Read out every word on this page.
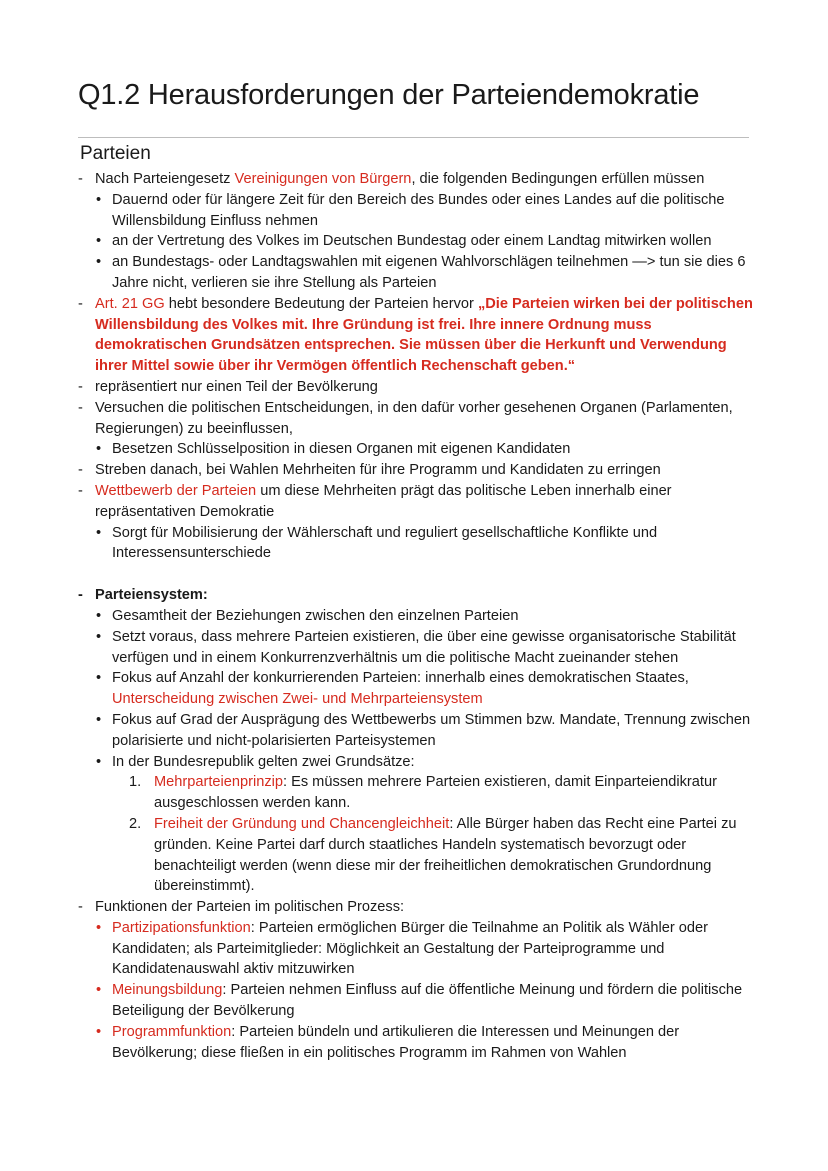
Q1.2 Herausforderungen der Parteiendemokratie
Parteien
- Nach Parteiengesetz Vereinigungen von Bürgern, die folgenden Bedingungen erfüllen müssen
• Dauernd oder für längere Zeit für den Bereich des Bundes oder eines Landes auf die politische Willensbildung Einfluss nehmen
• an der Vertretung des Volkes im Deutschen Bundestag oder einem Landtag mitwirken wollen
• an Bundestags- oder Landtagswahlen mit eigenen Wahlvorschlägen teilnehmen —> tun sie dies 6 Jahre nicht, verlieren sie ihre Stellung als Parteien
- Art. 21 GG hebt besondere Bedeutung der Parteien hervor „Die Parteien wirken bei der politischen Willensbildung des Volkes mit. Ihre Gründung ist frei. Ihre innere Ordnung muss demokratischen Grundsätzen entsprechen. Sie müssen über die Herkunft und Verwendung ihrer Mittel sowie über ihr Vermögen öffentlich Rechenschaft geben.“
- repräsentiert nur einen Teil der Bevölkerung
- Versuchen die politischen Entscheidungen, in den dafür vorher gesehenen Organen (Parlamenten, Regierungen) zu beeinflussen,
• Besetzen Schlüsselposition in diesen Organen mit eigenen Kandidaten
- Streben danach, bei Wahlen Mehrheiten für ihre Programm und Kandidaten zu erringen
- Wettbewerb der Parteien um diese Mehrheiten prägt das politische Leben innerhalb einer repräsentativen Demokratie
• Sorgt für Mobilisierung der Wählerschaft und reguliert gesellschaftliche Konflikte und Interessensunterschiede
- Parteiensystem:
• Gesamtheit der Beziehungen zwischen den einzelnen Parteien
• Setzt voraus, dass mehrere Parteien existieren, die über eine gewisse organisatorische Stabilität verfügen und in einem Konkurrenzverhältnis um die politische Macht zueinander stehen
• Fokus auf Anzahl der konkurrierenden Parteien: innerhalb eines demokratischen Staates, Unterscheidung zwischen Zwei- und Mehrparteiensystem
• Fokus auf Grad der Ausprägung des Wettbewerbs um Stimmen bzw. Mandate, Trennung zwischen polarisierte und nicht-polarisierten Parteisystemen
• In der Bundesrepublik gelten zwei Grundsätze:
1. Mehrparteienprinzip: Es müssen mehrere Parteien existieren, damit Einparteiendikratur ausgeschlossen werden kann.
2. Freiheit der Gründung und Chancengleichheit: Alle Bürger haben das Recht eine Partei zu gründen. Keine Partei darf durch staatliches Handeln systematisch bevorzugt oder benachteiligt werden (wenn diese mir der freiheitlichen demokratischen Grundordnung übereinstimmt).
- Funktionen der Parteien im politischen Prozess:
• Partizipationsfunktion: Parteien ermöglichen Bürger die Teilnahme an Politik als Wähler oder Kandidaten; als Parteimitglieder: Möglichkeit an Gestaltung der Parteiprogramme und Kandidatenauswahl aktiv mitzuwirken
• Meinungsbildung: Parteien nehmen Einfluss auf die öffentliche Meinung und fördern die politische Beteiligung der Bevölkerung
• Programmfunktion: Parteien bündeln und artikulieren die Interessen und Meinungen der Bevölkerung; diese fließen in ein politisches Programm im Rahmen von Wahlen
